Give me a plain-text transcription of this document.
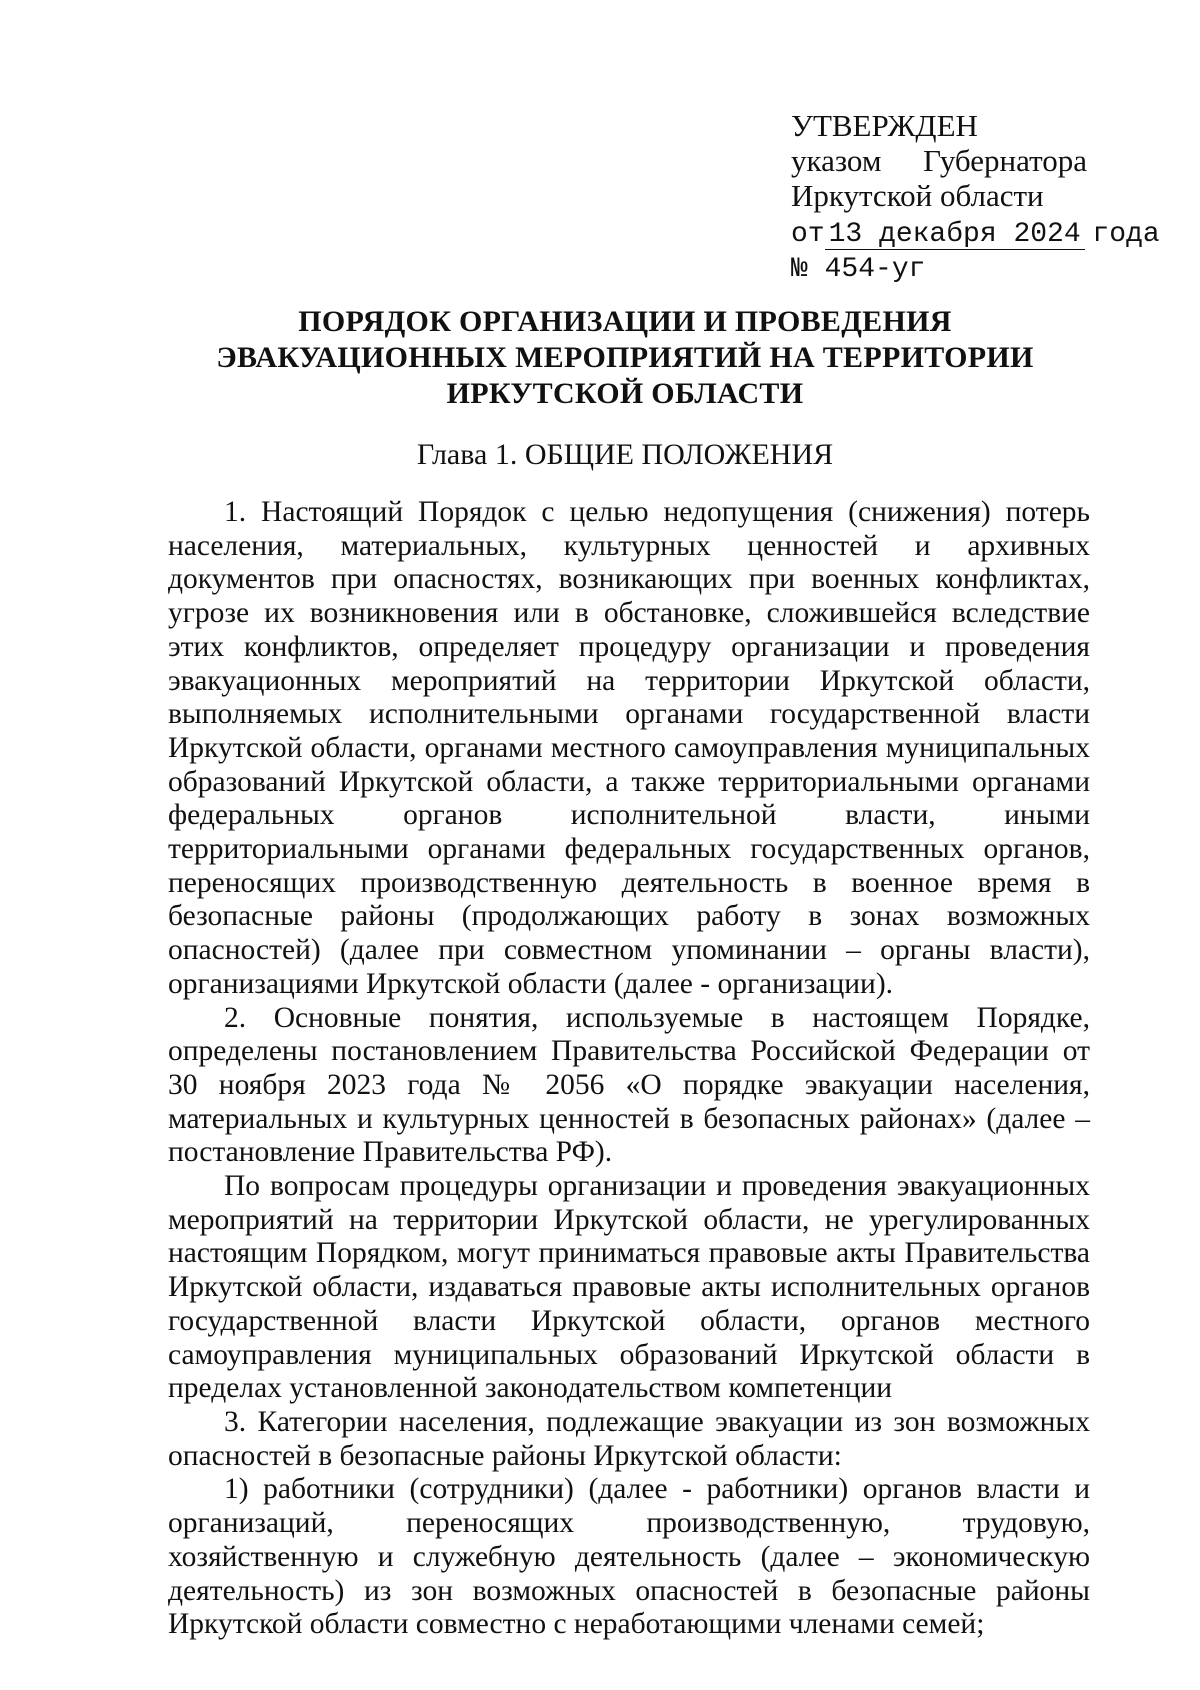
УТВЕРЖДЕН
указом Губернатора
Иркутской области
от 13 декабря 2024 года
№ 454-уг
ПОРЯДОК ОРГАНИЗАЦИИ И ПРОВЕДЕНИЯ
ЭВАКУАЦИОННЫХ МЕРОПРИЯТИЙ НА ТЕРРИТОРИИ
ИРКУТСКОЙ ОБЛАСТИ
Глава 1. ОБЩИЕ ПОЛОЖЕНИЯ

1. Настоящий Порядок с целью недопущения (снижения) потерь населения, материальных, культурных ценностей и архивных документов при опасностях, возникающих при военных конфликтах, угрозе их возникновения или в обстановке, сложившейся вследствие этих конфликтов, определяет процедуру организации и проведения эвакуационных мероприятий на территории Иркутской области, выполняемых исполнительными органами государственной власти Иркутской области, органами местного самоуправления муниципальных образований Иркутской области, а также территориальными органами федеральных органов исполнительной власти, иными территориальными органами федеральных государственных органов, переносящих производственную деятельность в военное время в безопасные районы (продолжающих работу в зонах возможных опасностей) (далее при совместном упоминании – органы власти), организациями Иркутской области (далее - организации).

2. Основные понятия, используемые в настоящем Порядке, определены постановлением Правительства Российской Федерации от 30 ноября 2023 года № 2056 «О порядке эвакуации населения, материальных и культурных ценностей в безопасных районах» (далее – постановление Правительства РФ).

По вопросам процедуры организации и проведения эвакуационных мероприятий на территории Иркутской области, не урегулированных настоящим Порядком, могут приниматься правовые акты Правительства Иркутской области, издаваться правовые акты исполнительных органов государственной власти Иркутской области, органов местного самоуправления муниципальных образований Иркутской области в пределах установленной законодательством компетенции

3. Категории населения, подлежащие эвакуации из зон возможных опасностей в безопасные районы Иркутской области:

1) работники (сотрудники) (далее - работники) органов власти и организаций, переносящих производственную, трудовую, хозяйственную и служебную деятельность (далее – экономическую деятельность) из зон возможных опасностей в безопасные районы Иркутской области совместно с неработающими членами семей;
